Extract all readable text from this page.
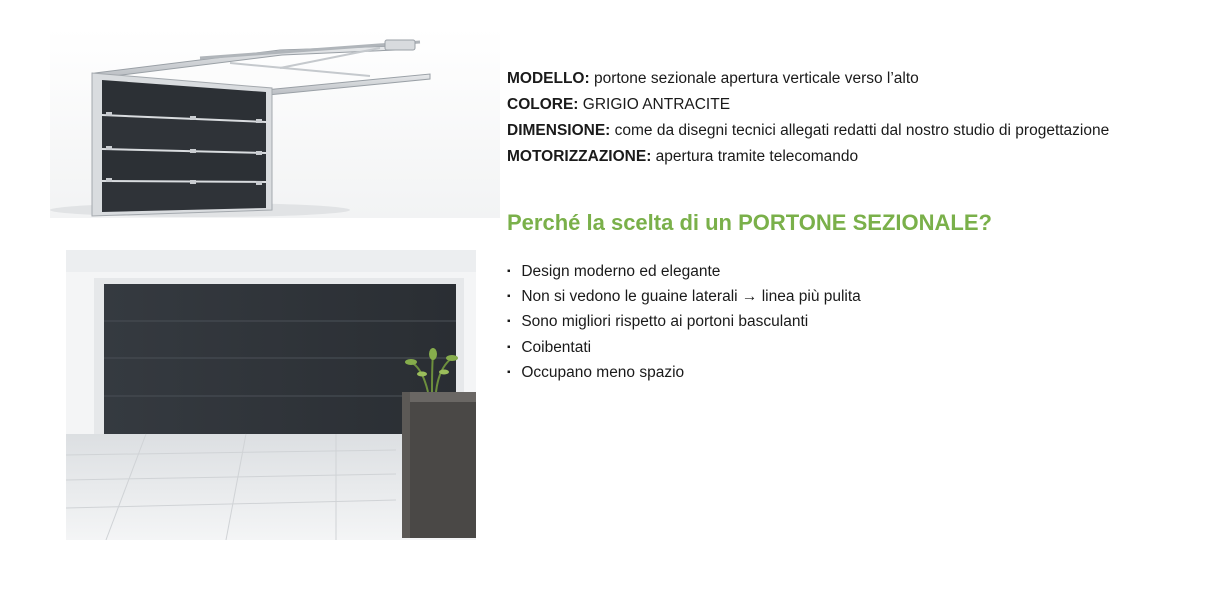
MODELLO: portone sezionale apertura verticale verso l’alto
COLORE: GRIGIO ANTRACITE
DIMENSIONE: come da disegni tecnici allegati redatti dal nostro studio di progettazione
MOTORIZZAZIONE: apertura tramite telecomando
Perché la scelta di un PORTONE SEZIONALE?
▪ Design moderno ed elegante
▪ Non si vedono le guaine laterali → linea più pulita
▪ Sono migliori rispetto ai portoni basculanti
▪ Coibentati
▪ Occupano meno spazio
